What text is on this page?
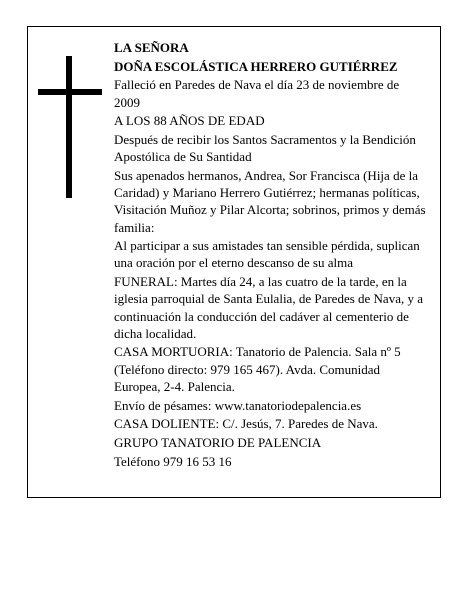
LA SEÑORA

DOÑA ESCOLÁSTICA HERRERO GUTIÉRREZ

Falleció en Paredes de Nava el día 23 de noviembre de 2009

A LOS 88 AÑOS DE EDAD

Después de recibir los Santos Sacramentos y la Bendición Apostólica de Su Santidad

Sus apenados hermanos, Andrea, Sor Francisca (Hija de la Caridad) y Mariano Herrero Gutiérrez; hermanas políticas, Visitación Muñoz y Pilar Alcorta; sobrinos, primos y demás familia:

Al participar a sus amistades tan sensible pérdida, suplican una oración por el eterno descanso de su alma

FUNERAL: Martes día 24, a las cuatro de la tarde, en la iglesia parroquial de Santa Eulalia, de Paredes de Nava, y a continuación la conducción del cadáver al cementerio de dicha localidad.

CASA MORTUORIA: Tanatorio de Palencia. Sala nº 5 (Teléfono directo: 979 165 467). Avda. Comunidad Europea, 2-4. Palencia.

Envío de pésames: www.tanatoriodepalencia.es

CASA DOLIENTE: C/. Jesús, 7. Paredes de Nava.

GRUPO TANATORIO DE PALENCIA

Teléfono 979 16 53 16
